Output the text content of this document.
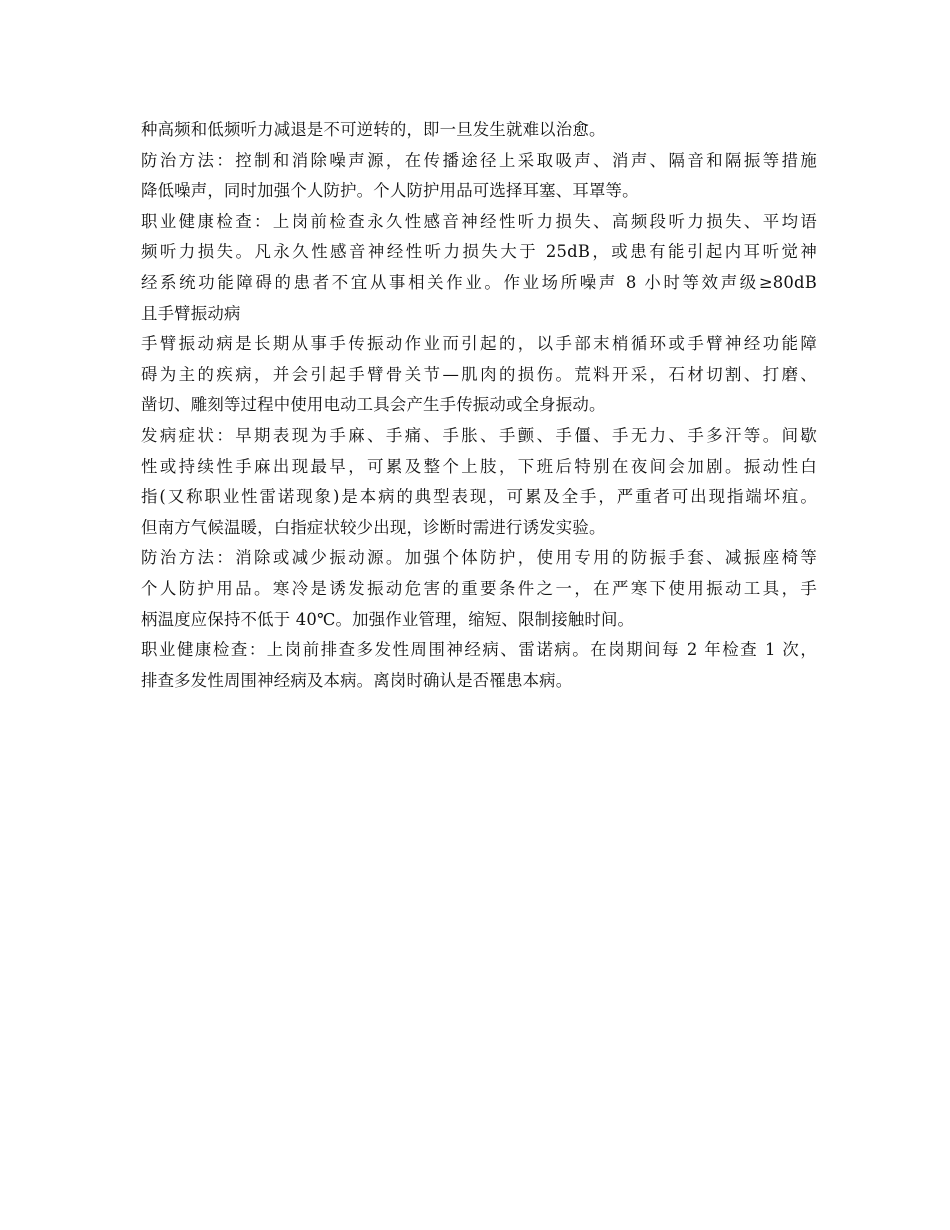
种高频和低频听力减退是不可逆转的，即一旦发生就难以治愈。
防治方法：控制和消除噪声源，在传播途径上采取吸声、消声、隔音和隔振等措施
降低噪声，同时加强个人防护。个人防护用品可选择耳塞、耳罩等。
职业健康检查：上岗前检查永久性感音神经性听力损失、高频段听力损失、平均语
频听力损失。凡永久性感音神经性听力损失大于 25dB，或患有能引起内耳听觉神
经系统功能障碍的患者不宜从事相关作业。作业场所噪声 8 小时等效声级≥80dB
且手臂振动病
手臂振动病是长期从事手传振动作业而引起的，以手部末梢循环或手臂神经功能障
碍为主的疾病，并会引起手臂骨关节—肌肉的损伤。荒料开采，石材切割、打磨、
凿切、雕刻等过程中使用电动工具会产生手传振动或全身振动。
发病症状：早期表现为手麻、手痛、手胀、手颤、手僵、手无力、手多汗等。间歇
性或持续性手麻出现最早，可累及整个上肢，下班后特别在夜间会加剧。振动性白
指(又称职业性雷诺现象)是本病的典型表现，可累及全手，严重者可出现指端坏疽。
但南方气候温暖，白指症状较少出现，诊断时需进行诱发实验。
防治方法：消除或减少振动源。加强个体防护，使用专用的防振手套、减振座椅等
个人防护用品。寒冷是诱发振动危害的重要条件之一，在严寒下使用振动工具，手
柄温度应保持不低于 40℃。加强作业管理，缩短、限制接触时间。
职业健康检查：上岗前排查多发性周围神经病、雷诺病。在岗期间每 2 年检查 1 次，
排查多发性周围神经病及本病。离岗时确认是否罹患本病。
